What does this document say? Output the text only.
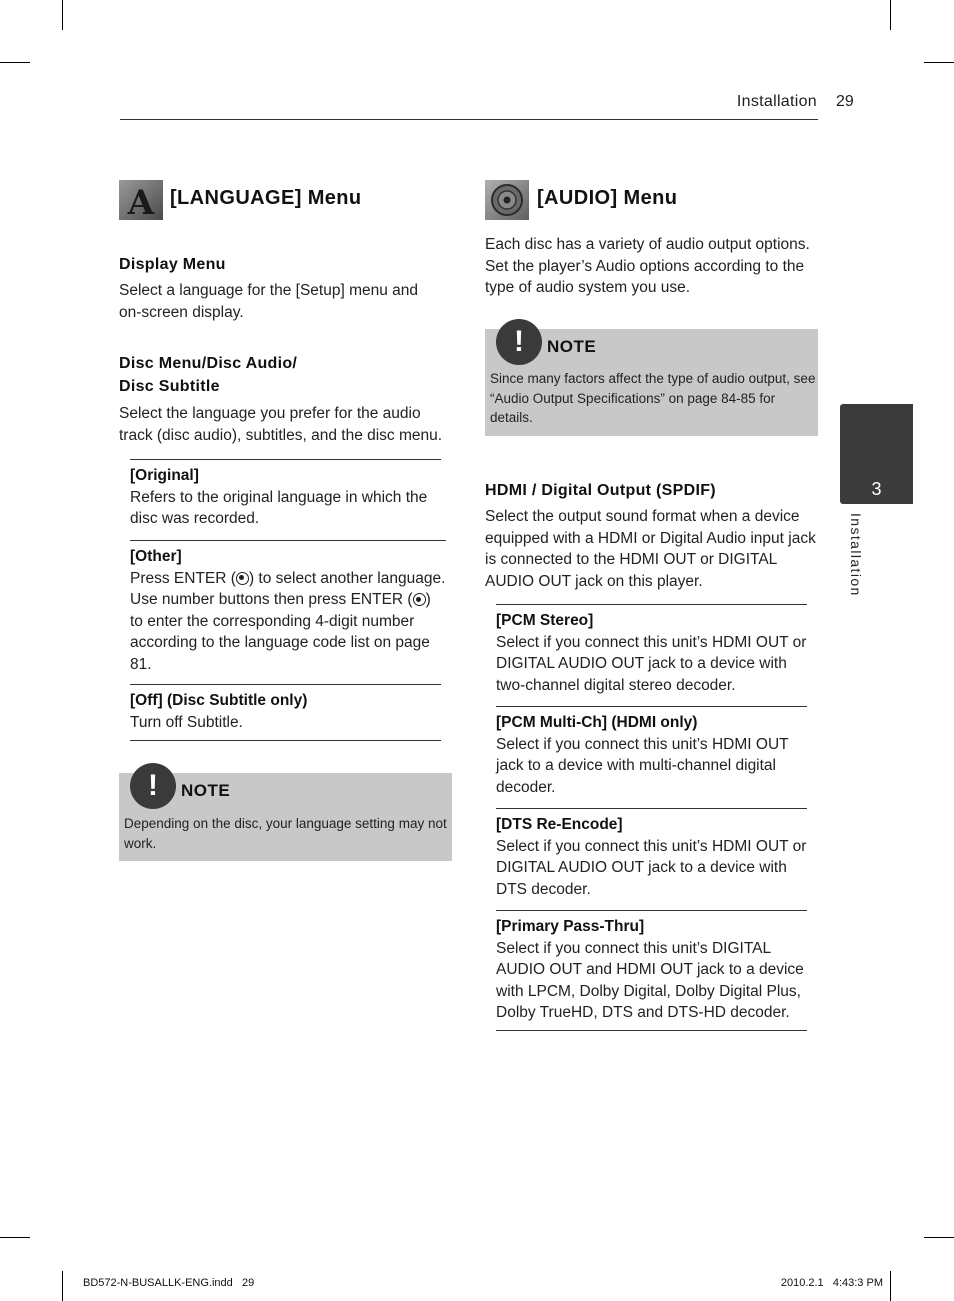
Installation 29
3
Installation
A [LANGUAGE] Menu
Display Menu
Select a language for the [Setup] menu and on-screen display.
Disc Menu/Disc Audio/
Disc Subtitle
Select the language you prefer for the audio track (disc audio), subtitles, and the disc menu.
[Original]
Refers to the original language in which the disc was recorded.
[Other]
Press ENTER ( ) to select another language. Use number buttons then press ENTER ( ) to enter the corresponding 4-digit number according to the language code list on page 81.
[Off] (Disc Subtitle only)
Turn off Subtitle.
!	NOTE
Depending on the disc, your language setting may not work.
[AUDIO] Menu
Each disc has a variety of audio output options. Set the player’s Audio options according to the type of audio system you use.
!	NOTE
Since many factors affect the type of audio output, see “Audio Output Specifications” on page 84-85 for details.
HDMI / Digital Output (SPDIF)
Select the output sound format when a device equipped with a HDMI or Digital Audio input jack is connected to the HDMI OUT or DIGITAL AUDIO OUT jack on this player.
[PCM Stereo]
Select if you connect this unit’s HDMI OUT or DIGITAL AUDIO OUT jack to a device with two-channel digital stereo decoder.
[PCM Multi-Ch] (HDMI only)
Select if you connect this unit’s HDMI OUT jack to a device with multi-channel digital decoder.
[DTS Re-Encode]
Select if you connect this unit’s HDMI OUT or DIGITAL AUDIO OUT jack to a device with DTS decoder.
[Primary Pass-Thru]
Select if you connect this unit’s DIGITAL AUDIO OUT and HDMI OUT jack to a device with LPCM, Dolby Digital, Dolby Digital Plus, Dolby TrueHD, DTS and DTS-HD decoder.
BD572-N-BUSALLK-ENG.indd   29	2010.2.1   4:43:3 PM
